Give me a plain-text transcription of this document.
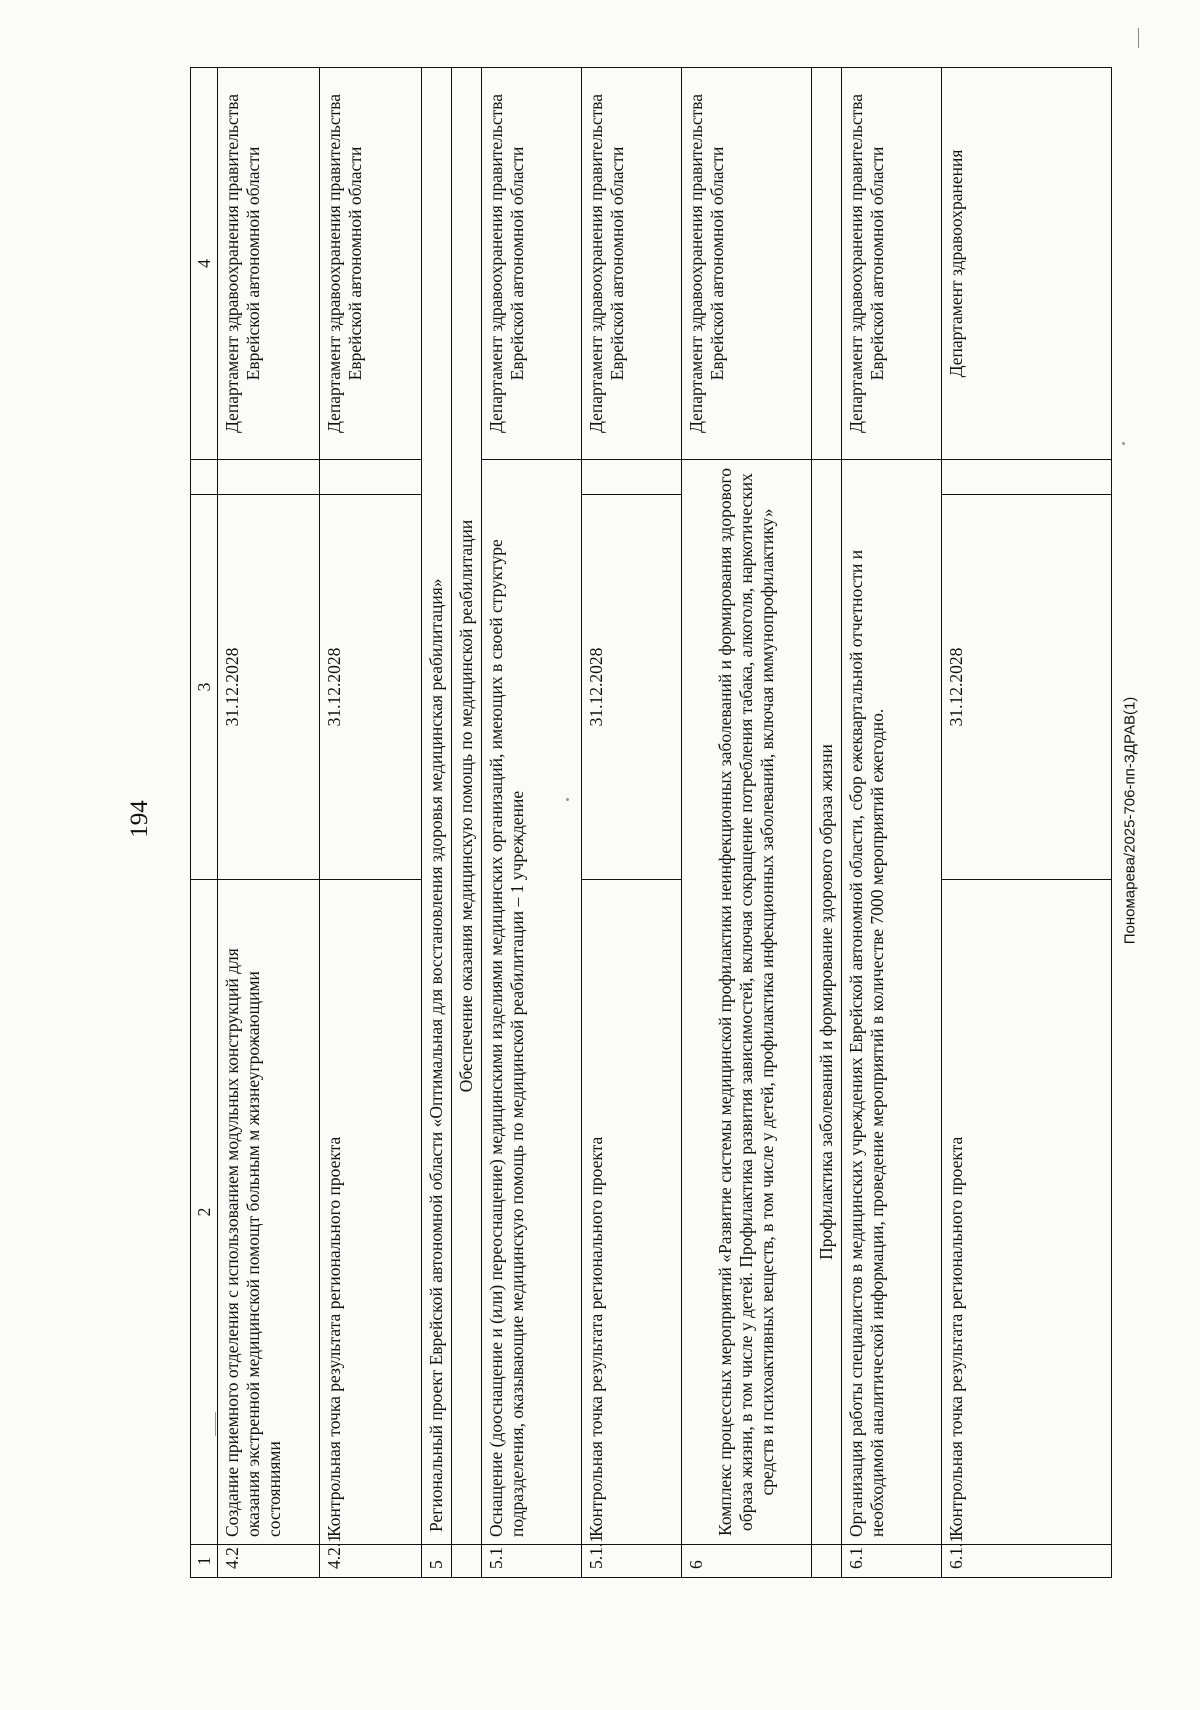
194	Пономарева/2025-706-пп-ЗДРАВ(1)
1	2	3		4
4.2	Создание приемного отделения с использованием модульных конструкций для оказания экстренной медицинской помощт больным м жизнеугрожающими состояниями	31.12.2028		Департамент здравоохранения правительства Еврейской автономной области
4.2.1	Контрольная точка результата регионального проекта	31.12.2028		Департамент здравоохранения правительства Еврейской автономной области
5	Региональный проект Еврейской автономной области «Оптимальная для восстановления здоровья медицинская реабилитация»			
	Обеспечение оказания медицинскую помощь по медицинской реабилитации			
5.1	Оснащение (дооснащение и (или) переоснащение) медицинскими изделиями медицинских организаций, имеющих в своей структуре подразделения, оказывающие медицинскую помощь по медицинской реабилитации – 1 учреждение			Департамент здравоохранения правительства Еврейской автономной области
5.1.1	Контрольная точка результата регионального проекта	31.12.2028		Департамент здравоохранения правительства Еврейской автономной области
6	Комплекс процессных мероприятий «Развитие системы медицинской профилактики неинфекционных заболеваний и формирования здорового образа жизни, в том числе у детей. Профилактика развития зависимостей, включая сокращение потребления табака, алкоголя, наркотических средств и психоактивных веществ, в том числе у детей, профилактика инфекционных заболеваний, включая иммунопрофилактику»			Департамент здравоохранения правительства Еврейской автономной области
	Профилактика заболеваний и формирование здорового образа жизни			
6.1	Организация работы специалистов в медицинских учреждениях Еврейской автономной области, сбор ежеквартальной отчетности и необходимой аналитической информации, проведение мероприятий в количестве 7000 мероприятий ежегодно.			Департамент здравоохранения правительства Еврейской автономной области
6.1.1	Контрольная точка результата регионального проекта	31.12.2028		Департамент здравоохранения
